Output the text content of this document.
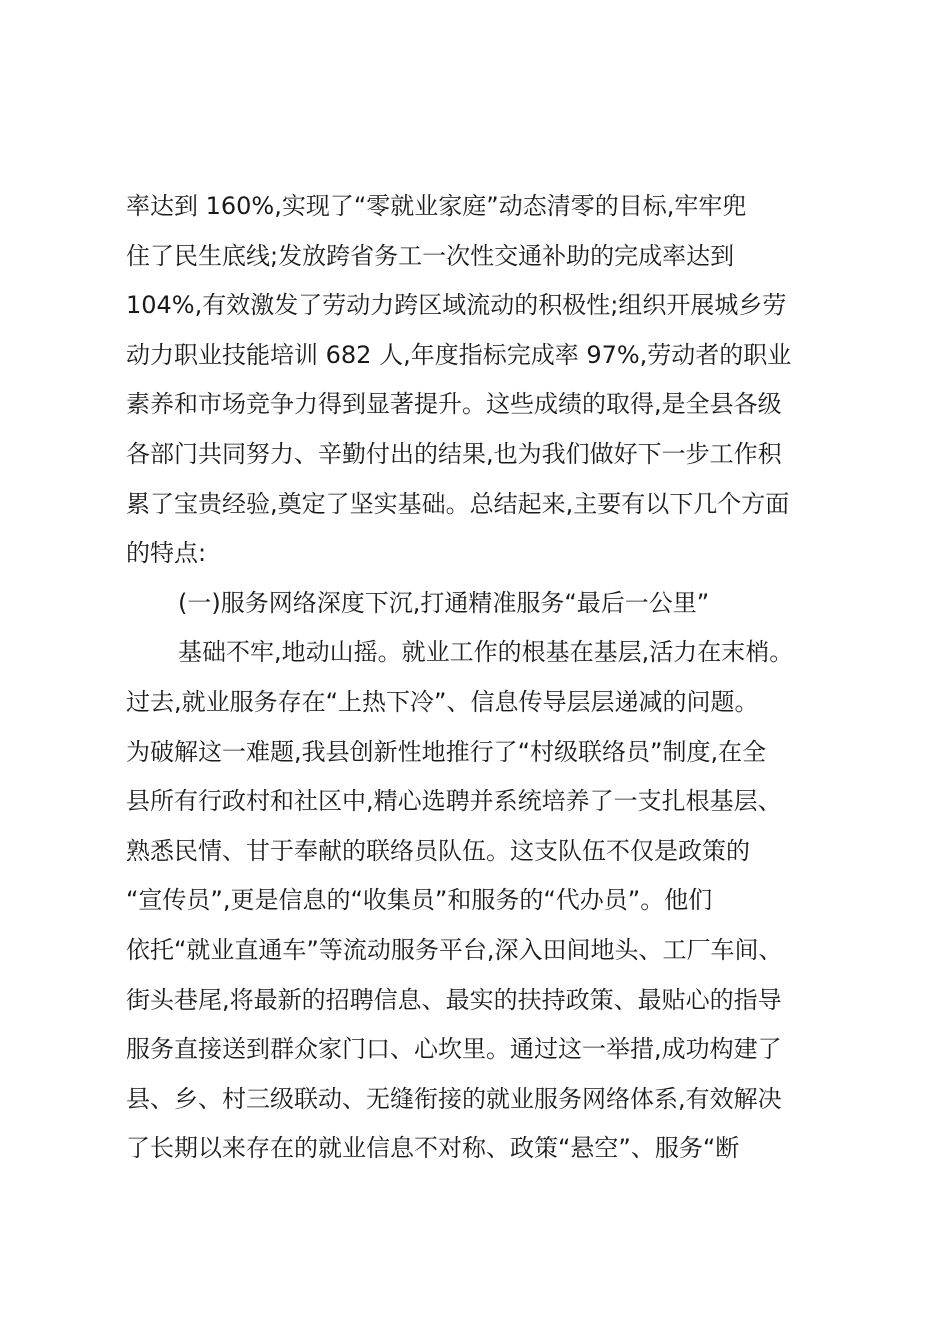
率达到 160%,实现了“零就业家庭”动态清零的目标,牢牢兜
住了民生底线;发放跨省务工一次性交通补助的完成率达到
104%,有效激发了劳动力跨区域流动的积极性;组织开展城乡劳
动力职业技能培训 682 人,年度指标完成率 97%,劳动者的职业
素养和市场竞争力得到显著提升。这些成绩的取得,是全县各级
各部门共同努力、辛勤付出的结果,也为我们做好下一步工作积
累了宝贵经验,奠定了坚实基础。总结起来,主要有以下几个方面
的特点:
(一)服务网络深度下沉,打通精准服务“最后一公里”
基础不牢,地动山摇。就业工作的根基在基层,活力在末梢。
过去,就业服务存在“上热下冷”、信息传导层层递减的问题。
为破解这一难题,我县创新性地推行了“村级联络员”制度,在全
县所有行政村和社区中,精心选聘并系统培养了一支扎根基层、
熟悉民情、甘于奉献的联络员队伍。这支队伍不仅是政策的
“宣传员”,更是信息的“收集员”和服务的“代办员”。他们
依托“就业直通车”等流动服务平台,深入田间地头、工厂车间、
街头巷尾,将最新的招聘信息、最实的扶持政策、最贴心的指导
服务直接送到群众家门口、心坎里。通过这一举措,成功构建了
县、乡、村三级联动、无缝衔接的就业服务网络体系,有效解决
了长期以来存在的就业信息不对称、政策“悬空”、服务“断
